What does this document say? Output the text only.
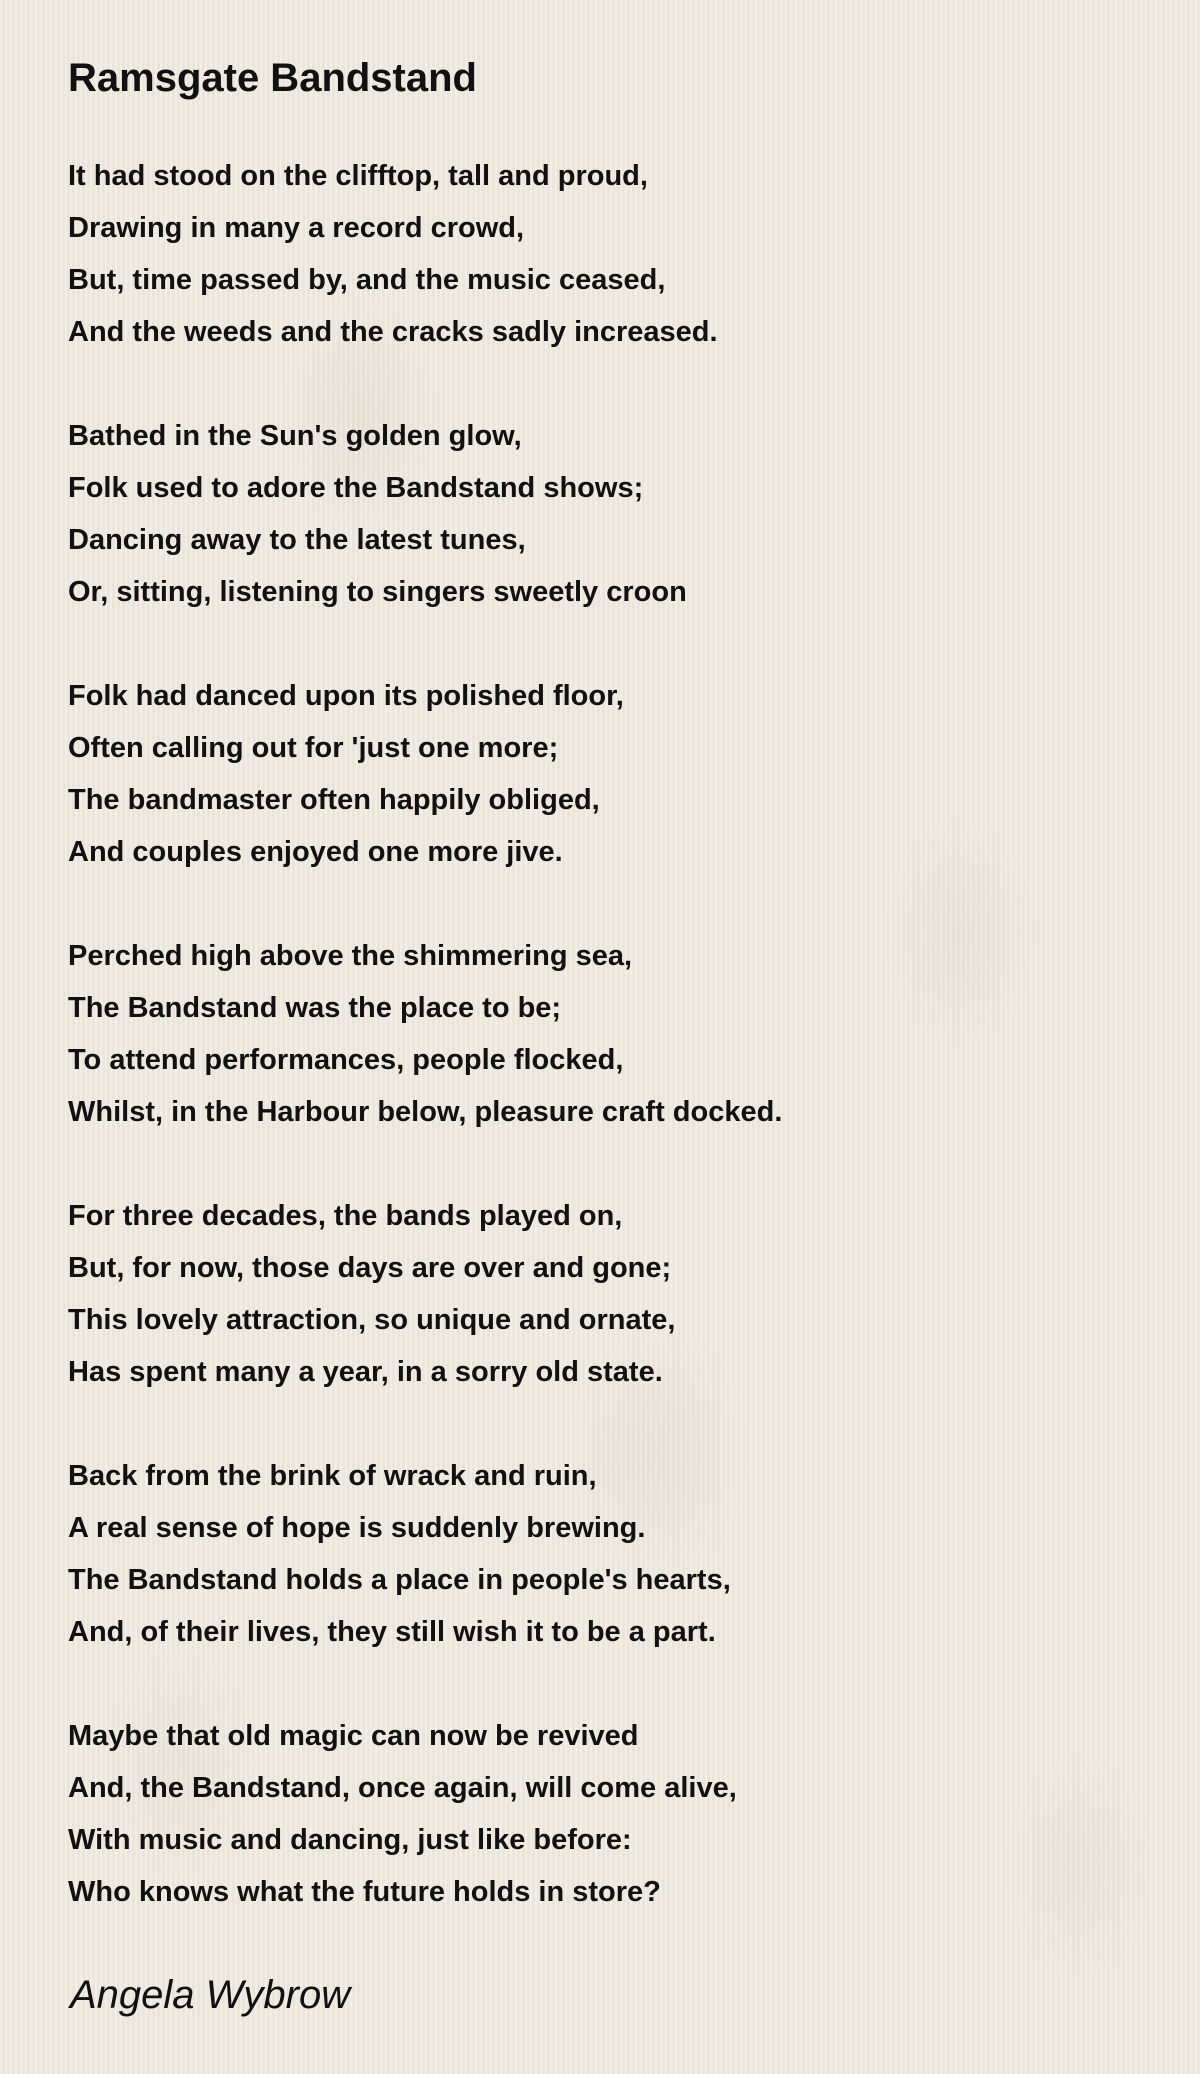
Ramsgate Bandstand
It had stood on the clifftop, tall and proud,
Drawing in many a record crowd,
But, time passed by, and the music ceased,
And the weeds and the cracks sadly increased.
Bathed in the Sun's golden glow,
Folk used to adore the Bandstand shows;
Dancing away to the latest tunes,
Or, sitting, listening to singers sweetly croon
Folk had danced upon its polished floor,
Often calling out for 'just one more;
The bandmaster often happily obliged,
And couples enjoyed one more jive.
Perched high above the shimmering sea,
The Bandstand was the place to be;
To attend performances, people flocked,
Whilst, in the Harbour below, pleasure craft docked.
For three decades, the bands played on,
But, for now, those days are over and gone;
This lovely attraction, so unique and ornate,
Has spent many a year, in a sorry old state.
Back from the brink of wrack and ruin,
A real sense of hope is suddenly brewing.
The Bandstand holds a place in people's hearts,
And, of their lives, they still wish it to be a part.
Maybe that old magic can now be revived
And, the Bandstand, once again, will come alive,
With music and dancing, just like before:
Who knows what the future holds in store?
Angela Wybrow
